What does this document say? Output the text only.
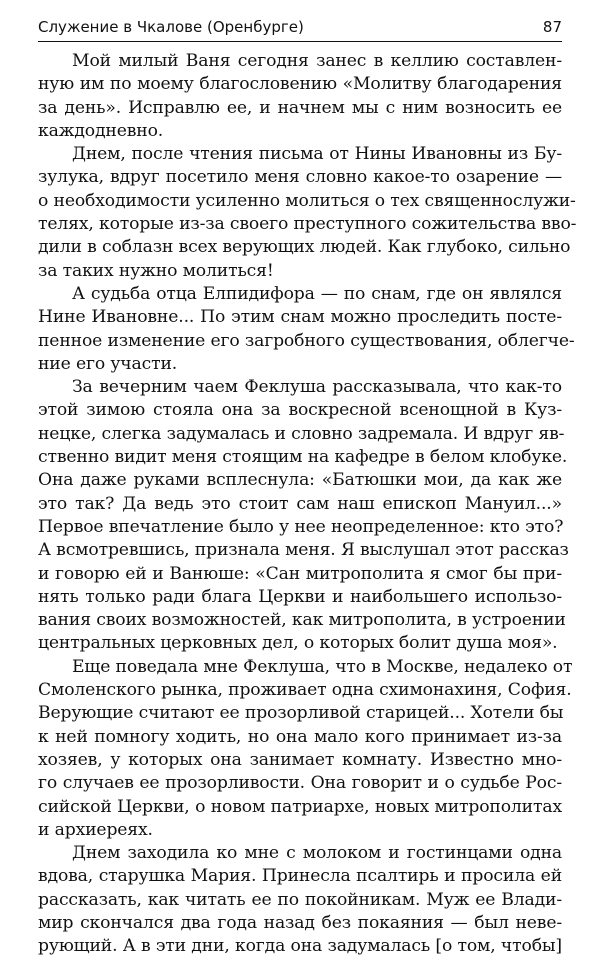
Служение в Чкалове (Оренбурге)	87
Мой милый Ваня сегодня занес в келлию составлен-
ную им по моему благословению «Молитву благодарения
за день». Исправлю ее, и начнем мы с ним возносить ее
каждодневно.
Днем, после чтения письма от Нины Ивановны из Бу-
зулука, вдруг посетило меня словно какое-то озарение —
о необходимости усиленно молиться о тех священнослужи-
телях, которые из-за своего преступного сожительства вво-
дили в соблазн всех верующих людей. Как глубоко, сильно
за таких нужно молиться!
А судьба отца Елпидифора — по снам, где он являлся
Нине Ивановне... По этим снам можно проследить посте-
пенное изменение его загробного существования, облегче-
ние его участи.
За вечерним чаем Феклуша рассказывала, что как-то
этой зимою стояла она за воскресной всенощной в Куз-
нецке, слегка задумалась и словно задремала. И вдруг яв-
ственно видит меня стоящим на кафедре в белом клобуке.
Она даже руками всплеснула: «Батюшки мои, да как же
это так? Да ведь это стоит сам наш епископ Мануил...»
Первое впечатление было у нее неопределенное: кто это?
А всмотревшись, признала меня. Я выслушал этот рассказ
и говорю ей и Ванюше: «Сан митрополита я смог бы при-
нять только ради блага Церкви и наибольшего использо-
вания своих возможностей, как митрополита, в устроении
центральных церковных дел, о которых болит душа моя».
Еще поведала мне Феклуша, что в Москве, недалеко от
Смоленского рынка, проживает одна схимонахиня, София.
Верующие считают ее прозорливой старицей... Хотели бы
к ней помногу ходить, но она мало кого принимает из-за
хозяев, у которых она занимает комнату. Известно мно-
го случаев ее прозорливости. Она говорит и о судьбе Рос-
сийской Церкви, о новом патриархе, новых митрополитах
и архиереях.
Днем заходила ко мне с молоком и гостинцами одна
вдова, старушка Мария. Принесла псалтирь и просила ей
рассказать, как читать ее по покойникам. Муж ее Влади-
мир скончался два года назад без покаяния — был неве-
рующий. А в эти дни, когда она задумалась [о том, чтобы]
